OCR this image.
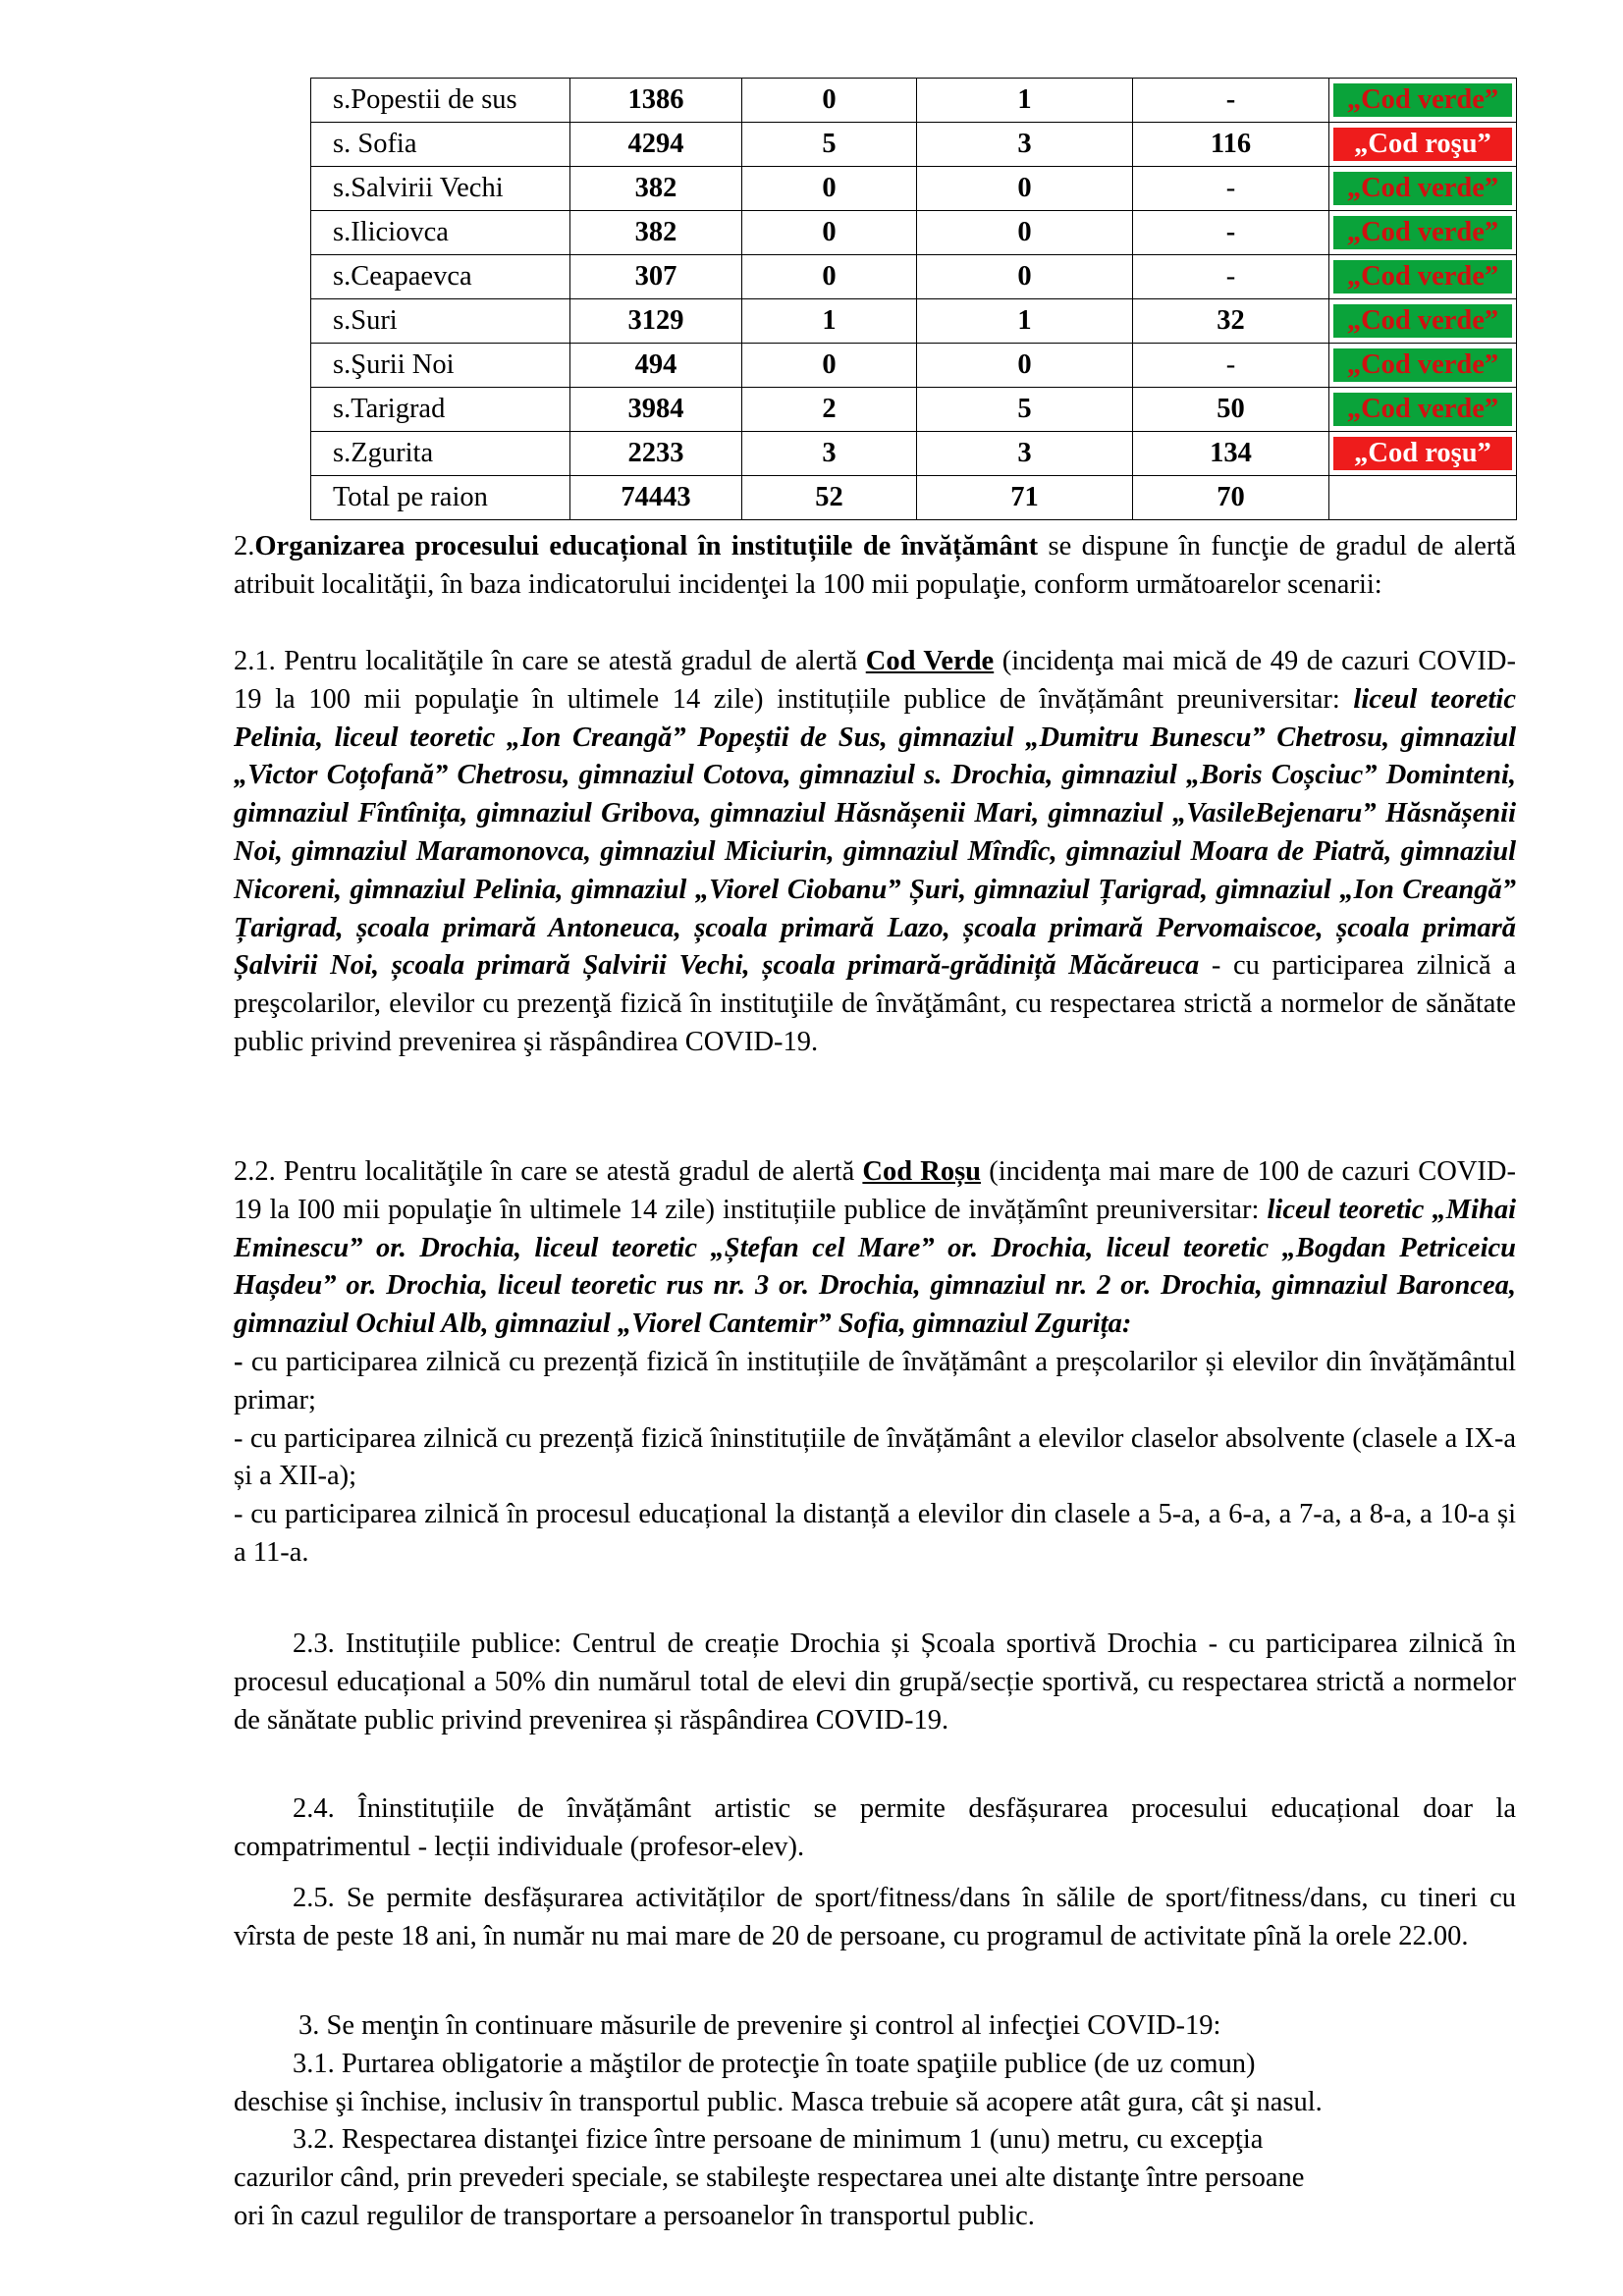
s.Popestii de sus	1386	0	1	-	„Cod verde”

s. Sofia	4294	5	3	116	„Cod roşu”

s.Salvirii Vechi	382	0	0	-	„Cod verde”

s.Iliciovca	382	0	0	-	„Cod verde”

s.Ceapaevca	307	0	0	-	„Cod verde”

s.Suri	3129	1	1	32	„Cod verde”

s.Şurii Noi	494	0	0	-	„Cod verde”

s.Tarigrad	3984	2	5	50	„Cod verde”

s.Zgurita	2233	3	3	134	„Cod roşu”

Total pe raion	74443	52	71	70	

2.Organizarea procesului educațional în instituțiile de învățământ se dispune în funcţie de gradul de alertă atribuit localităţii, în baza indicatorului incidenţei la 100 mii populaţie, conform următoarelor scenarii:

2.1. Pentru localităţile în care se atestă gradul de alertă Cod Verde (incidenţa mai mică de 49 de cazuri COVID-19 la 100 mii populaţie în ultimele 14 zile) instituțiile publice de învățământ preuniversitar: liceul teoretic Pelinia, liceul teoretic „Ion Creangă” Popeștii de Sus, gimnaziul „Dumitru Bunescu” Chetrosu, gimnaziul „Victor Coțofană” Chetrosu, gimnaziul Cotova, gimnaziul s. Drochia, gimnaziul „Boris Coșciuc” Dominteni, gimnaziul Fîntînița, gimnaziul Gribova, gimnaziul Hăsnășenii Mari, gimnaziul „VasileBejenaru” Hăsnășenii Noi, gimnaziul Maramonovca, gimnaziul Miciurin, gimnaziul Mîndîc, gimnaziul Moara de Piatră, gimnaziul Nicoreni, gimnaziul Pelinia, gimnaziul „Viorel Ciobanu” Șuri, gimnaziul Țarigrad, gimnaziul „Ion Creangă” Țarigrad, școala primară Antoneuca, școala primară Lazo, școala primară Pervomaiscoe, școala primară Șalvirii Noi, școala primară Șalvirii Vechi, școala primară-grădiniță Măcăreuca - cu participarea zilnică a preşcolarilor, elevilor cu prezenţă fizică în instituţiile de învăţământ, cu respectarea strictă a normelor de sănătate public privind prevenirea şi răspândirea COVID-19.

2.2. Pentru localităţile în care se atestă gradul de alertă Cod Roșu (incidenţa mai mare de 100 de cazuri COVID-19 la I00 mii populaţie în ultimele 14 zile) instituțiile publice de invățămînt preuniversitar: liceul teoretic „Mihai Eminescu” or. Drochia, liceul teoretic „Ștefan cel Mare” or. Drochia, liceul teoretic „Bogdan Petriceicu Hașdeu” or. Drochia, liceul teoretic rus nr. 3 or. Drochia, gimnaziul nr. 2 or. Drochia, gimnaziul Baroncea, gimnaziul Ochiul Alb, gimnaziul „Viorel Cantemir” Sofia, gimnaziul Zgurița:
- cu participarea zilnică cu prezență fizică în instituțiile de învățământ a preșcolarilor și elevilor din învățământul primar;
- cu participarea zilnică cu prezență fizică îninstituțiile de învățământ a elevilor claselor absolvente (clasele a IX-a și a XII-a);
- cu participarea zilnică în procesul educațional la distanță a elevilor din clasele a 5-a, a 6-a, a 7-a, a 8-a, a 10-a și a 11-a.

2.3. Instituțiile publice: Centrul de creație Drochia și Școala sportivă Drochia - cu participarea zilnică în procesul educațional a 50% din numărul total de elevi din grupă/secție sportivă, cu respectarea strictă a normelor de sănătate public privind prevenirea și răspândirea COVID-19.

2.4. Îninstituțiile de învățământ artistic se permite desfășurarea procesului educațional doar la compatrimentul - lecții individuale (profesor-elev).

2.5. Se permite desfășurarea activităților de sport/fitness/dans în sălile de sport/fitness/dans, cu tineri cu vîrsta de peste 18 ani, în număr nu mai mare de 20 de persoane, cu programul de activitate pînă la orele 22.00.

3. Se menţin în continuare măsurile de prevenire şi control al infecţiei COVID-19:
3.1. Purtarea obligatorie a măştilor de protecţie în toate spaţiile publice (de uz comun)
deschise şi închise, inclusiv în transportul public. Masca trebuie să acopere atât gura, cât şi nasul.
3.2. Respectarea distanţei fizice între persoane de minimum 1 (unu) metru, cu excepţia
cazurilor când, prin prevederi speciale, se stabileşte respectarea unei alte distanţe între persoane
ori în cazul regulilor de transportare a persoanelor în transportul public.
